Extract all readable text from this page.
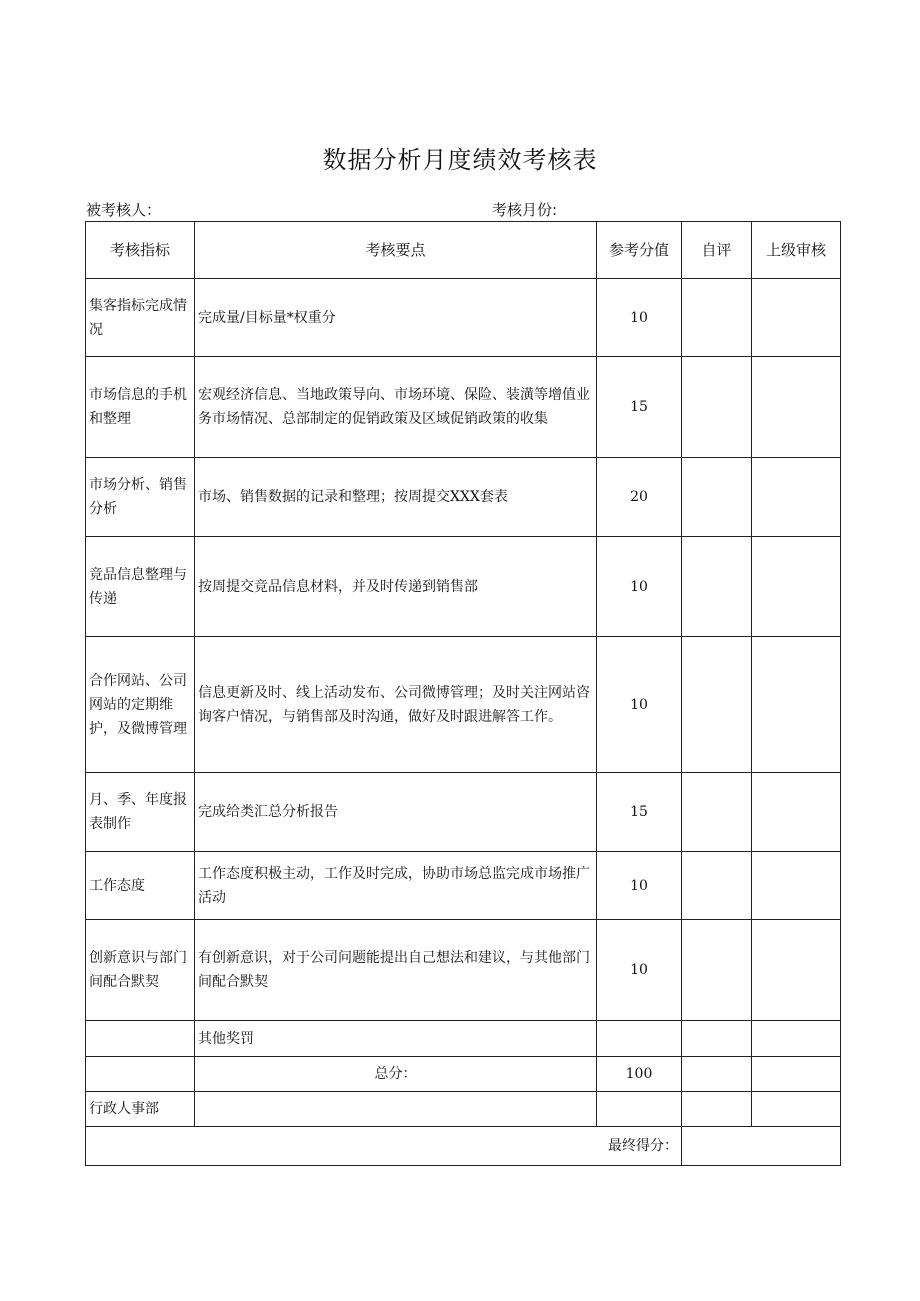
数据分析月度绩效考核表
被考核人：	考核月份:
考核指标	考核要点	参考分值	自评	上级审核
集客指标完成情况	完成量/目标量*权重分	10		
市场信息的手机和整理	宏观经济信息、当地政策导向、市场环境、保险、装潢等增值业务市场情况、总部制定的促销政策及区域促销政策的收集	15		
市场分析、销售分析	市场、销售数据的记录和整理；按周提交XXX套表	20		
竞品信息整理与传递	按周提交竞品信息材料，并及时传递到销售部	10		
合作网站、公司网站的定期维护，及微博管理	信息更新及时、线上活动发布、公司微博管理；及时关注网站咨询客户情况，与销售部及时沟通，做好及时跟进解答工作。	10		
月、季、年度报表制作	完成给类汇总分析报告	15		
工作态度	工作态度积极主动，工作及时完成，协助市场总监完成市场推广活动	10		
创新意识与部门间配合默契	有创新意识，对于公司问题能提出自己想法和建议，与其他部门间配合默契	10		
	其他奖罚			
	总分：	100		
行政人事部				
最终得分：				
